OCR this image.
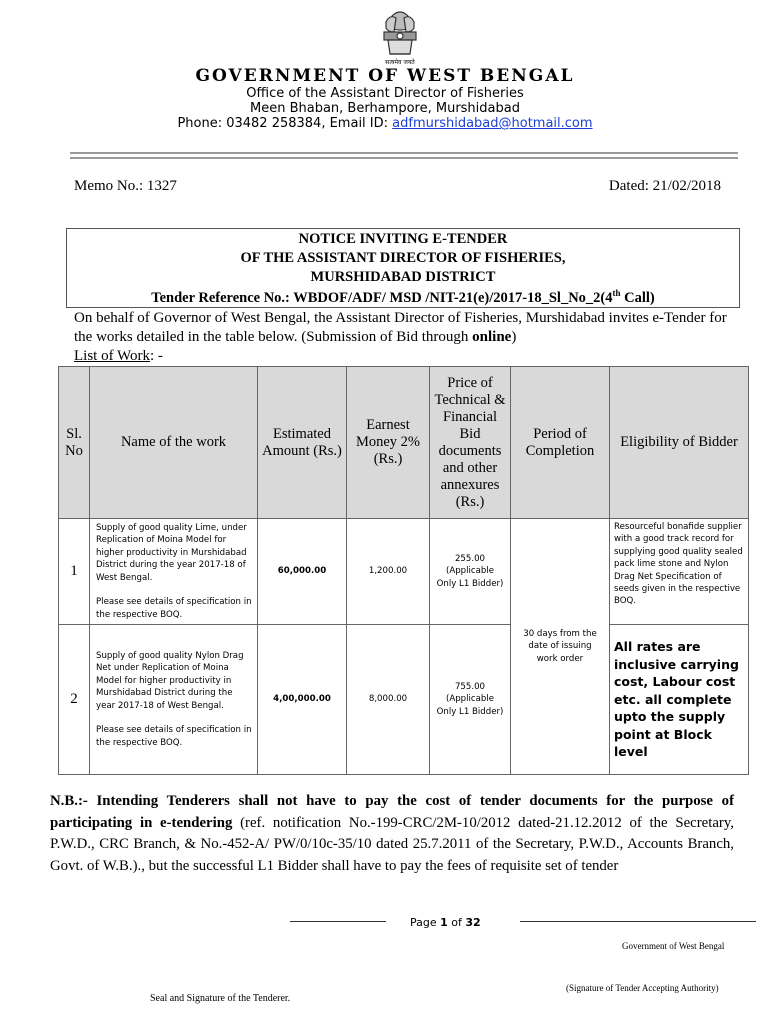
सत्यमेव जयते
GOVERNMENT OF WEST BENGAL
Office of the Assistant Director of Fisheries
Meen Bhaban, Berhampore, Murshidabad
Phone: 03482 258384, Email ID: adfmurshidabad@hotmail.com
Memo No.: 1327	Dated: 21/02/2018
NOTICE INVITING E-TENDER
OF THE ASSISTANT DIRECTOR OF FISHERIES,
MURSHIDABAD DISTRICT
Tender Reference No.: WBDOF/ADF/ MSD /NIT-21(e)/2017-18_Sl_No_2(4th Call)
On behalf of Governor of West Bengal, the Assistant Director of Fisheries, Murshidabad invites e-Tender for the works detailed in the table below. (Submission of Bid through online)
List of Work: -
Sl. No	Name of the work	Estimated Amount (Rs.)	Earnest Money 2% (Rs.)	Price of Technical & Financial Bid documents and other annexures (Rs.)	Period of Completion	Eligibility of Bidder
1	Supply of good quality Lime, under Replication of Moina Model for higher productivity in Murshidabad District during the year 2017-18 of West Bengal.
Please see details of specification in the respective BOQ.	60,000.00	1,200.00	255.00 (Applicable Only L1 Bidder)	30 days from the date of issuing work order	Resourceful bonafide supplier with a good track record for supplying good quality sealed pack lime stone and Nylon Drag Net Specification of seeds given in the respective BOQ.
2	Supply of good quality Nylon Drag Net under Replication of Moina Model for higher productivity in Murshidabad District during the year 2017-18 of West Bengal.
Please see details of specification in the respective BOQ.	4,00,000.00	8,000.00	755.00 (Applicable Only L1 Bidder)		All rates are inclusive carrying cost, Labour cost etc. all complete upto the supply point at Block level
N.B.:- Intending Tenderers shall not have to pay the cost of tender documents for the purpose of participating in e-tendering (ref. notification No.-199-CRC/2M-10/2012 dated-21.12.2012 of the Secretary, P.W.D., CRC Branch, & No.-452-A/ PW/0/10c-35/10 dated 25.7.2011 of the Secretary, P.W.D., Accounts Branch, Govt. of W.B.)., but the successful L1 Bidder shall have to pay the fees of requisite set of tender
Page 1 of 32
Government of West Bengal
(Signature of Tender Accepting Authority)
Seal and Signature of the Tenderer.
